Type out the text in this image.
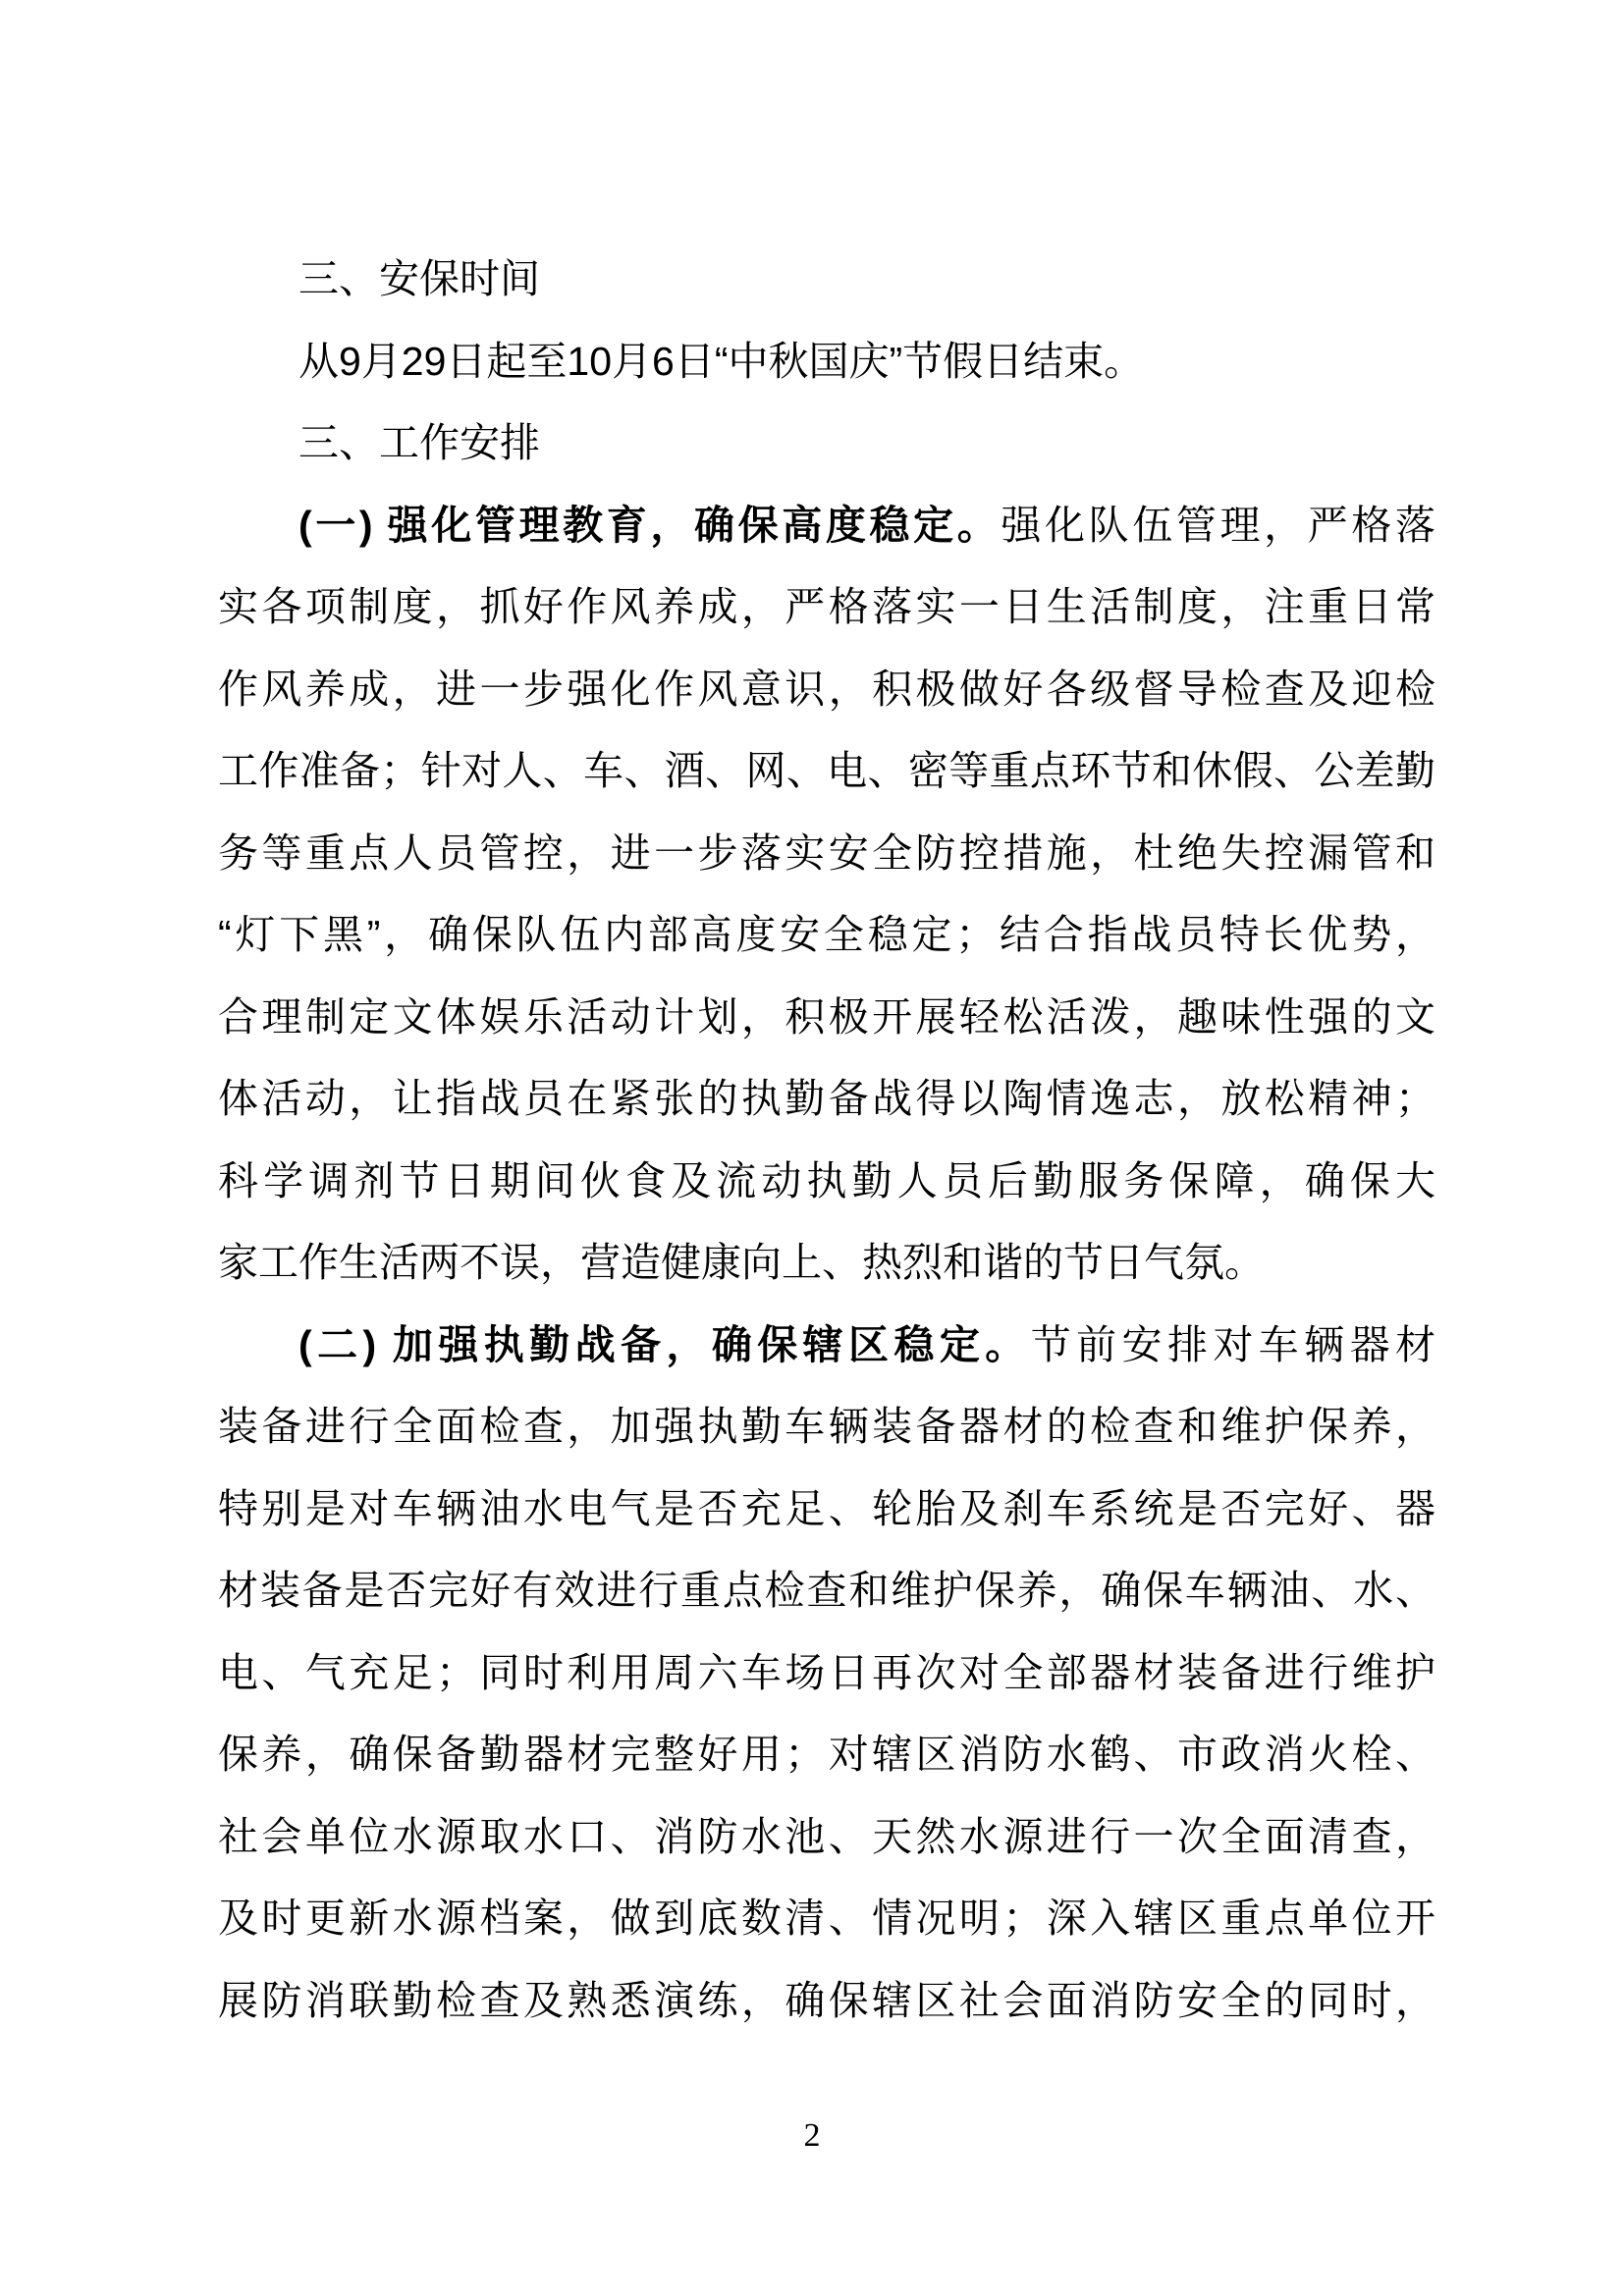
三、安保时间
从9月29日起至10月6日“中秋国庆”节假日结束。
三、工作安排
(一) 强化管理教育，确保高度稳定。强化队伍管理，严格落
实各项制度，抓好作风养成，严格落实一日生活制度，注重日常
作风养成，进一步强化作风意识，积极做好各级督导检查及迎检
工作准备；针对人、车、酒、网、电、密等重点环节和休假、公差勤
务等重点人员管控，进一步落实安全防控措施，杜绝失控漏管和
“灯下黑”，确保队伍内部高度安全稳定；结合指战员特长优势，
合理制定文体娱乐活动计划，积极开展轻松活泼，趣味性强的文
体活动，让指战员在紧张的执勤备战得以陶情逸志，放松精神；
科学调剂节日期间伙食及流动执勤人员后勤服务保障，确保大
家工作生活两不误，营造健康向上、热烈和谐的节日气氛。
(二) 加强执勤战备，确保辖区稳定。节前安排对车辆器材
装备进行全面检查，加强执勤车辆装备器材的检查和维护保养，
特别是对车辆油水电气是否充足、轮胎及刹车系统是否完好、器
材装备是否完好有效进行重点检查和维护保养，确保车辆油、水、
电、气充足；同时利用周六车场日再次对全部器材装备进行维护
保养，确保备勤器材完整好用；对辖区消防水鹤、市政消火栓、
社会单位水源取水口、消防水池、天然水源进行一次全面清查，
及时更新水源档案，做到底数清、情况明；深入辖区重点单位开
展防消联勤检查及熟悉演练，确保辖区社会面消防安全的同时，
2
